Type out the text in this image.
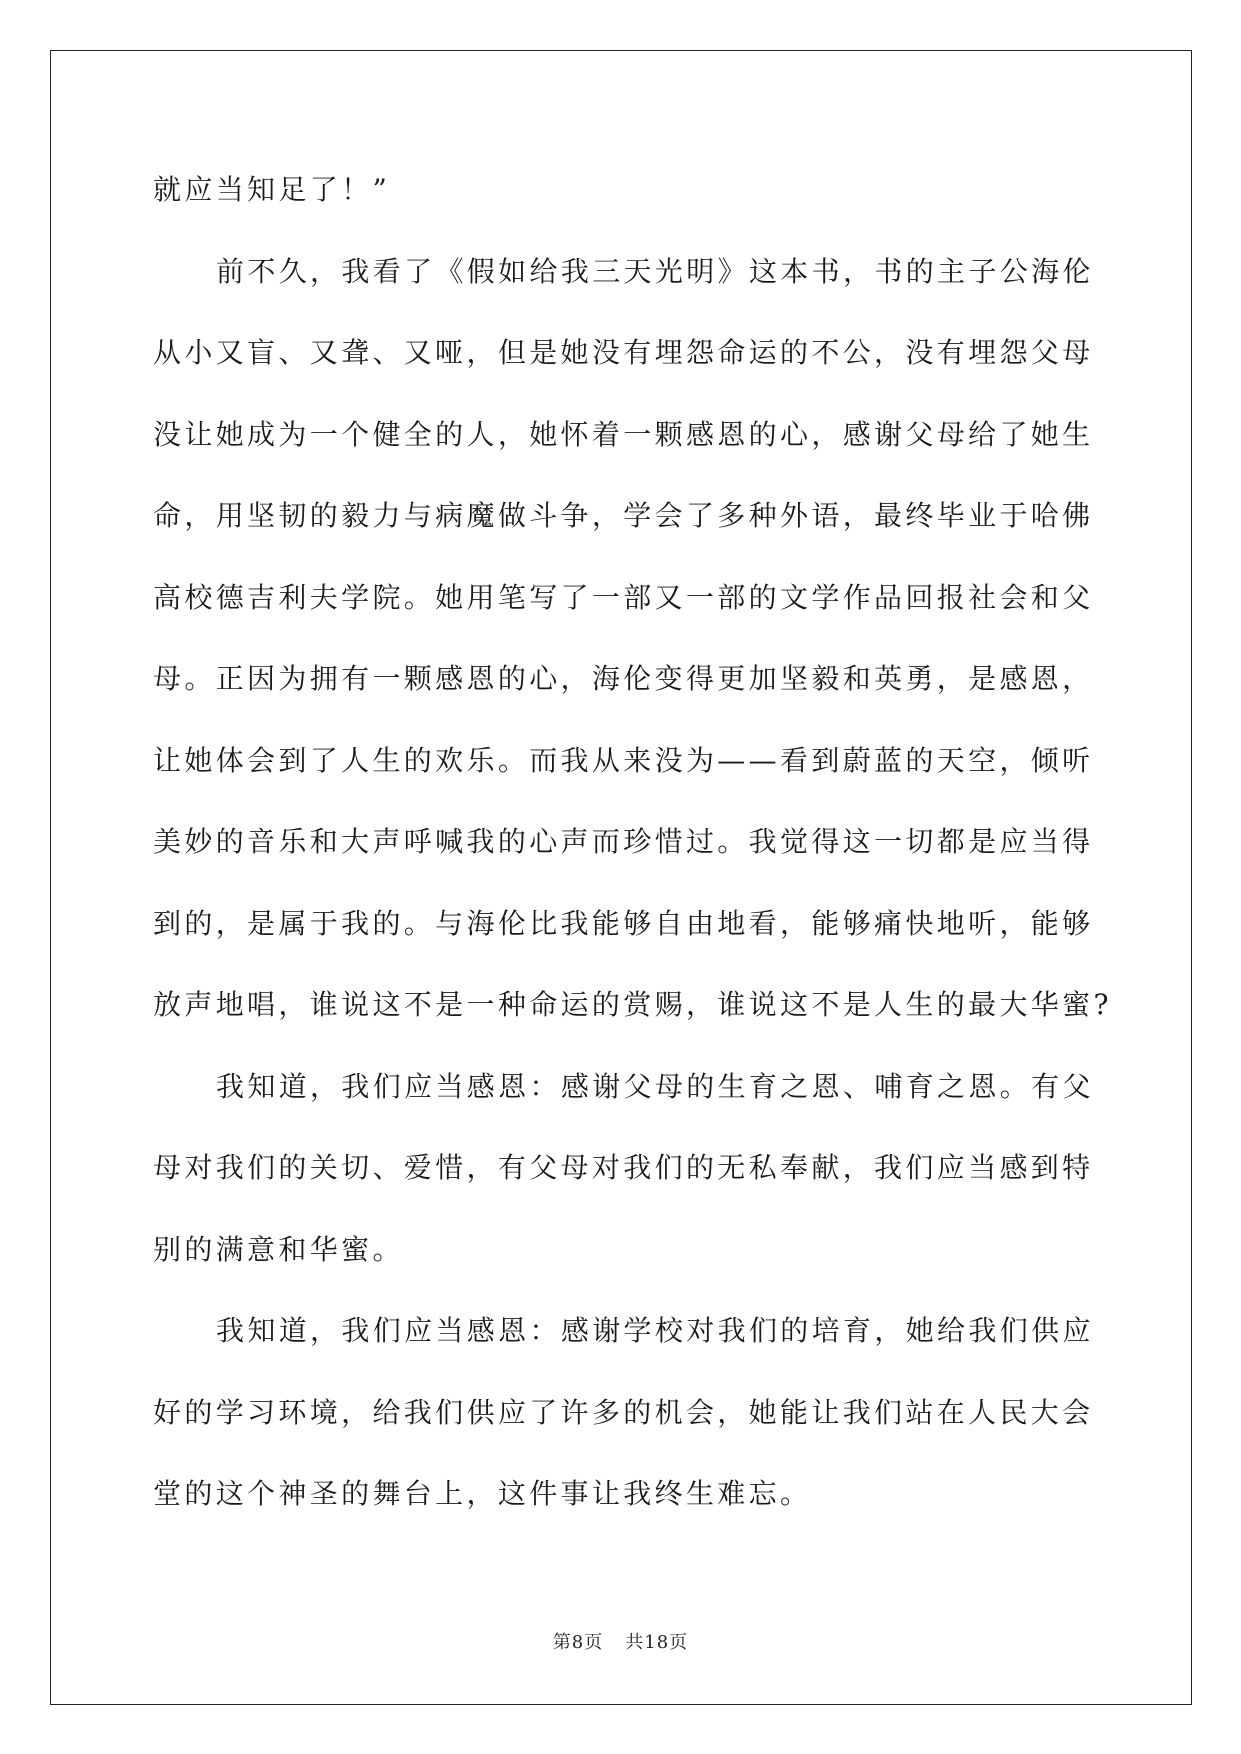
就应当知足了！”
前不久，我看了《假如给我三天光明》这本书，书的主子公海伦
从小又盲、又聋、又哑，但是她没有埋怨命运的不公，没有埋怨父母
没让她成为一个健全的人，她怀着一颗感恩的心，感谢父母给了她生
命，用坚韧的毅力与病魔做斗争，学会了多种外语，最终毕业于哈佛
高校德吉利夫学院。她用笔写了一部又一部的文学作品回报社会和父
母。正因为拥有一颗感恩的心，海伦变得更加坚毅和英勇，是感恩，
让她体会到了人生的欢乐。而我从来没为——看到蔚蓝的天空，倾听
美妙的音乐和大声呼喊我的心声而珍惜过。我觉得这一切都是应当得
到的，是属于我的。与海伦比我能够自由地看，能够痛快地听，能够
放声地唱，谁说这不是一种命运的赏赐，谁说这不是人生的最大华蜜?
我知道，我们应当感恩：感谢父母的生育之恩、哺育之恩。有父
母对我们的关切、爱惜，有父母对我们的无私奉献，我们应当感到特
别的满意和华蜜。
我知道，我们应当感恩：感谢学校对我们的培育，她给我们供应
好的学习环境，给我们供应了许多的机会，她能让我们站在人民大会
堂的这个神圣的舞台上，这件事让我终生难忘。
第8页 共18页
